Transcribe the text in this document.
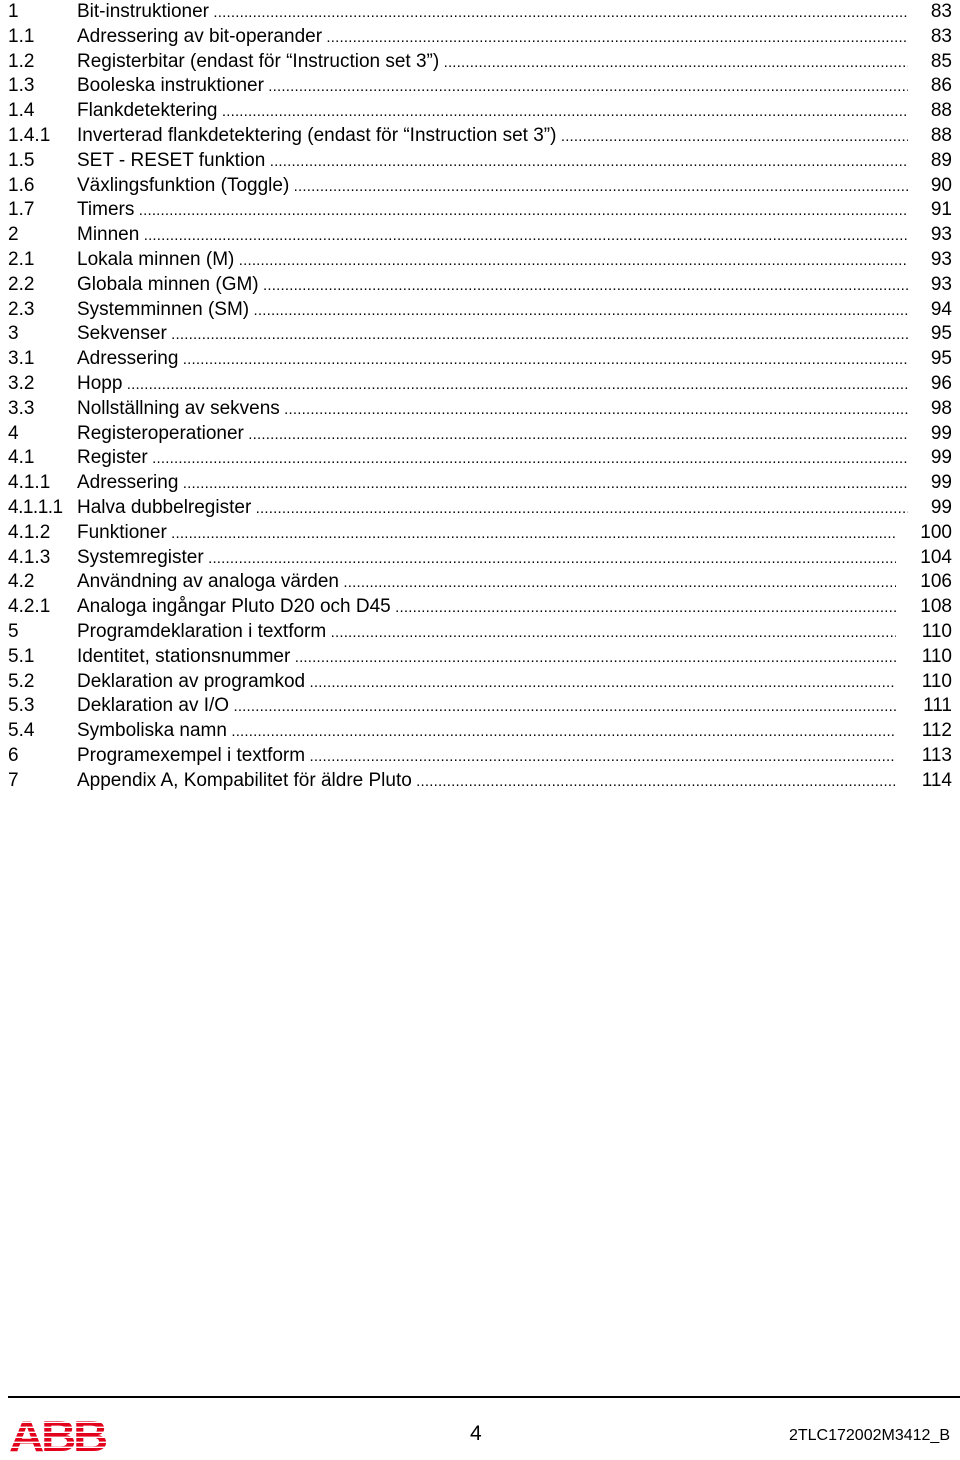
1	Bit-instruktioner .....	83
1.1 Adressering av bit-operander .....	83
1.2 Registerbitar (endast för “Instruction set 3”) .....	85
1.3 Booleska instruktioner .....	86
1.4 Flankdetektering .....	88
1.4.1 Inverterad flankdetektering (endast för “Instruction set 3”) .....	88
1.5 SET - RESET funktion .....	89
1.6 Växlingsfunktion (Toggle) .....	90
1.7 Timers .....	91
2	Minnen .....	93
2.1 Lokala minnen (M) .....	93
2.2 Globala minnen (GM) .....	93
2.3 Systemminnen (SM) .....	94
3	Sekvenser .....	95
3.1 Adressering .....	95
3.2 Hopp .....	96
3.3 Nollställning av sekvens .....	98
4	Registeroperationer .....	99
4.1 Register .....	99
4.1.1 Adressering .....	99
4.1.1.1 Halva dubbelregister .....	99
4.1.2 Funktioner .....	100
4.1.3 Systemregister .....	104
4.2 Användning av analoga värden .....	106
4.2.1 Analoga ingångar Pluto D20 och D45 .....	108
5	Programdeklaration i textform .....	110
5.1 Identitet, stationsnummer .....	110
5.2 Deklaration av programkod .....	110
5.3 Deklaration av I/O .....	111
5.4 Symboliska namn .....	112
6	Programexempel i textform .....	113
7	Appendix A, Kompabilitet för äldre Pluto .....	114
ABB	4	2TLC172002M3412_B
